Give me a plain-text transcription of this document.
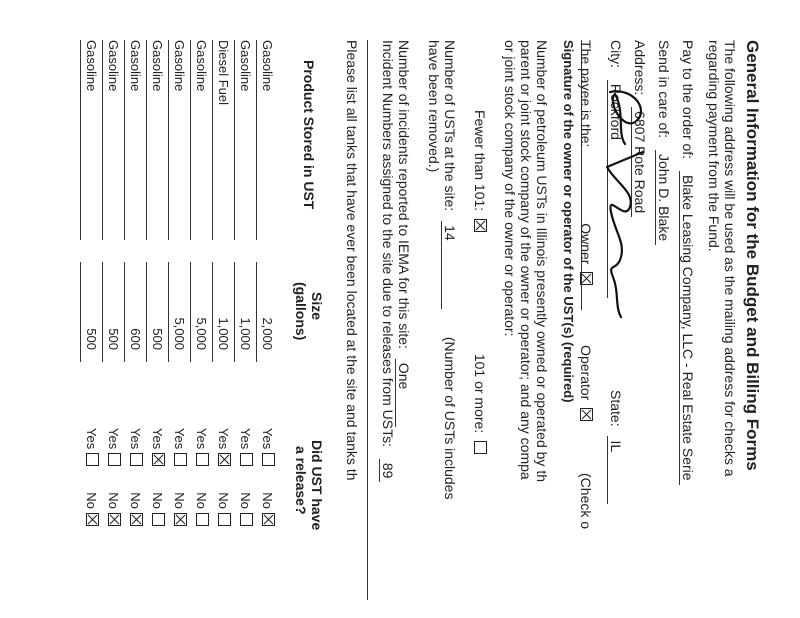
General Information for the Budget and Billing Forms
The following address will be used as the mailing address for checks a
regarding payment from the Fund.
Pay to the order of: Blake Leasing Company, LLC - Real Estate Serie
Send in care of: John D. Blake
Address: 6807 Rote Road
City: Rockford
State: IL
The payee is the:  Owner   Operator   (Check o
Signature of the owner or operator of the UST(s) (required)
Number of petroleum USTs in Illinois presently owned or operated by th
parent or joint stock company of the owner or operator; and any compa
or joint stock company of the owner or operator:
Fewer than 101:   101 or more:
Number of USTs at the site: 14  (Number of USTs includes
have been removed.)
Number of incidents reported to IEMA for this site: One
Incident Numbers assigned to the site due to releases from USTs: 89
Please list all tanks that have ever been located at the site and tanks th
Product Stored in UST
Size
(gallons)
Did UST have
a release?
Gasoline
2,000
YesNo
Gasoline
1,000
YesNo
Diesel Fuel
1,000
YesNo
Gasoline
5,000
YesNo
Gasoline
5,000
YesNo
Gasoline
500
YesNo
Gasoline
600
YesNo
Gasoline
500
YesNo
Gasoline
500
YesNo
